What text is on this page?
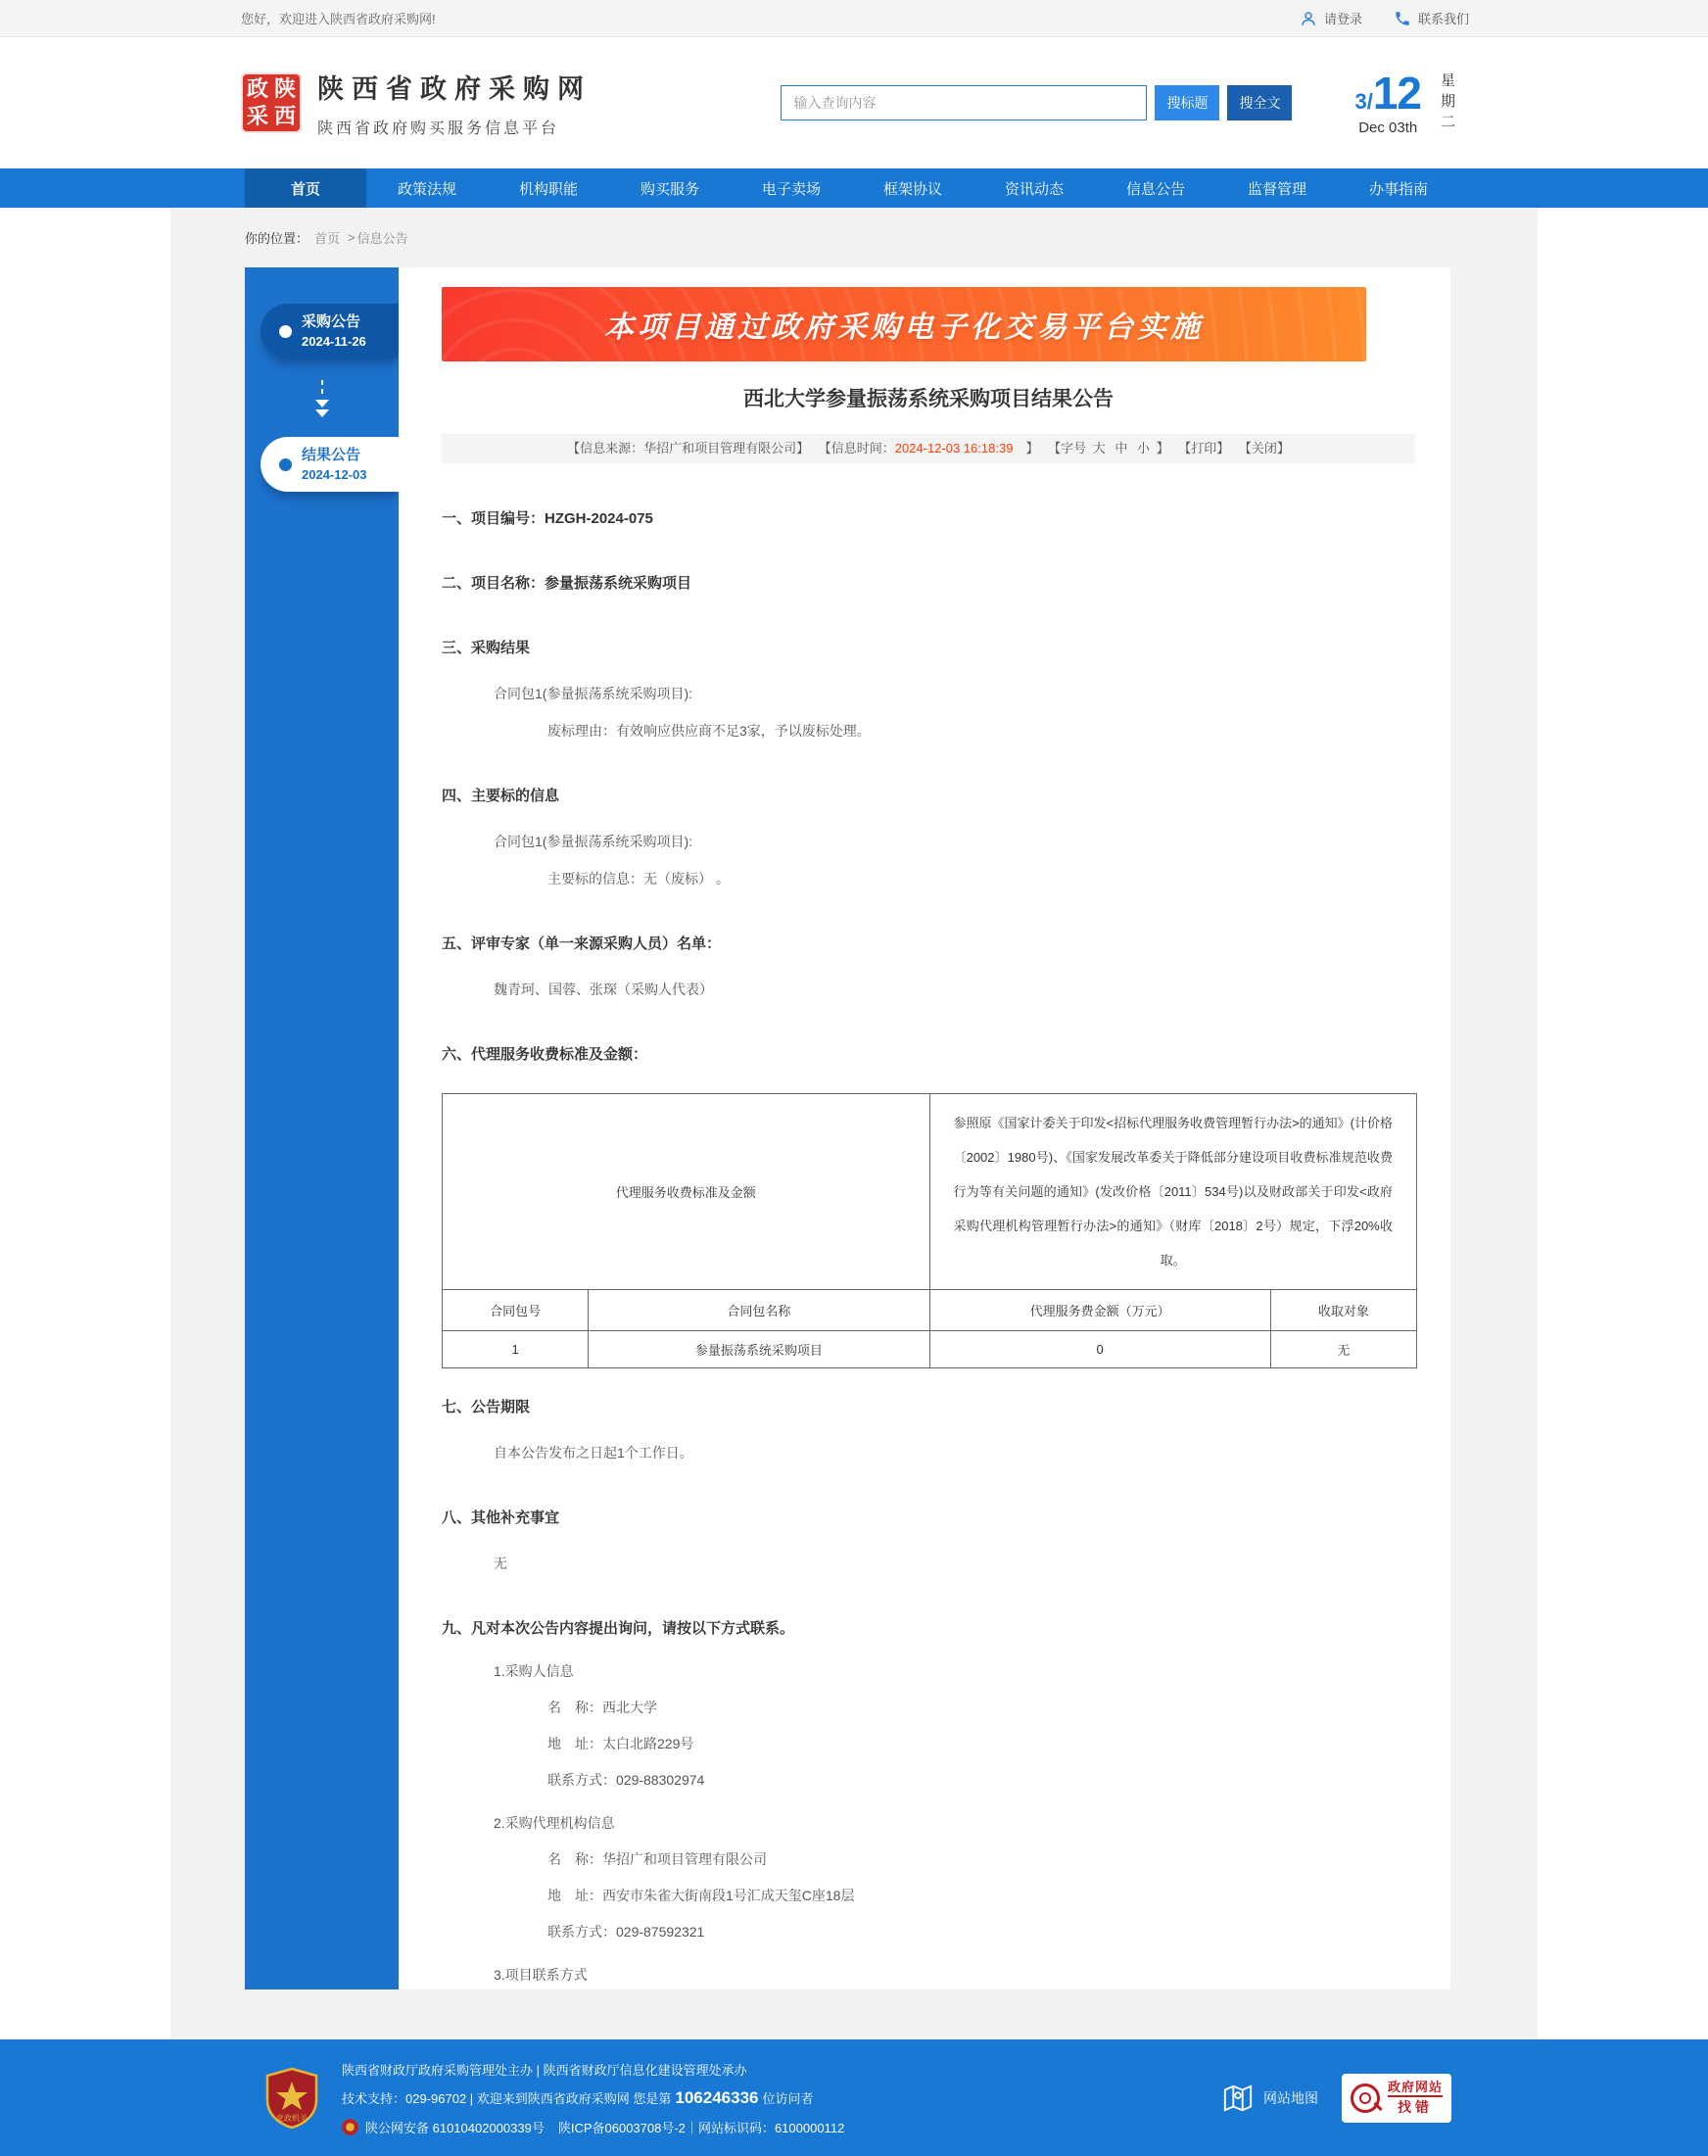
您好，欢迎进入陕西省政府采购网!	请登录	联系我们
政 陕
采 西
陕西省政府采购网
陕西省政府购买服务信息平台
输入查询内容
搜标题	搜全文	3/12
Dec 03th 星期二
首页	政策法规	机构职能	购买服务	电子卖场	框架协议	资讯动态	信息公告	监督管理	办事指南
你的位置： 首页 > 信息公告
采购公告
2024-11-26
结果公告
2024-12-03
本项目通过政府采购电子化交易平台实施
西北大学参量振荡系统采购项目结果公告
【信息来源：华招广和项目管理有限公司】 【信息时间：2024-12-03 16:18:39　】 【字号 大 中 小 】 【打印】 【关闭】
一、项目编号：HZGH-2024-075
二、项目名称：参量振荡系统采购项目
三、采购结果

合同包1(参量振荡系统采购项目):

废标理由：有效响应供应商不足3家，予以废标处理。

四、主要标的信息

合同包1(参量振荡系统采购项目):

主要标的信息：无（废标） 。

五、评审专家（单一来源采购人员）名单：

魏青珂、国蓉、张琛（采购人代表）

六、代理服务收费标准及金额：
代理服务收费标准及金额		参照原《国家计委关于印发<招标代理服务收费管理暂行办法>的通知》(计价格〔2002〕1980号)、《国家发展改革委关于降低部分建设项目收费标准规范收费行为等有关问题的通知》(发改价格〔2011〕534号)以及财政部关于印发<政府采购代理机构管理暂行办法>的通知》（财库〔2018〕2号）规定，下浮20%收取。	
合同包号	合同包名称	代理服务费金额（万元）	收取对象
1	参量振荡系统采购项目	0	无
七、公告期限

自本公告发布之日起1个工作日。

八、其他补充事宜

无

九、凡对本次公告内容提出询问，请按以下方式联系。

1.采购人信息

名　称：西北大学

地　址：太白北路229号

联系方式：029-88302974

2.采购代理机构信息

名　称：华招广和项目管理有限公司

地　址：西安市朱雀大街南段1号汇成天玺C座18层

联系方式：029-87592321

3.项目联系方式

党政机关
陕西省财政厅政府采购管理处主办 | 陕西省财政厅信息化建设管理处承办
技术支持：029-96702 | 欢迎来到陕西省政府采购网 您是第 106246336 位访问者
陕公网安备 61010402000339号 陕ICP备06003708号-2 ｜ 网站标识码：6100000112
网站地图
政府网站
找错
